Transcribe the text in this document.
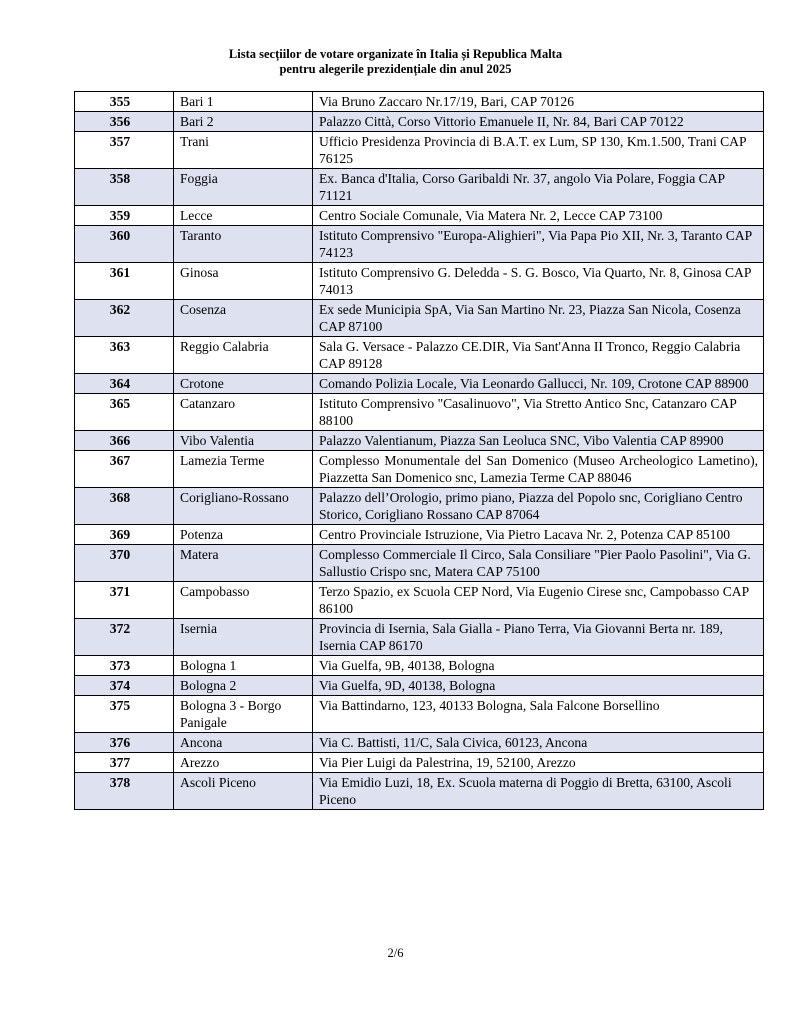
Lista secțiilor de votare organizate în Italia și Republica Malta
pentru alegerile prezidențiale din anul 2025
355	Bari 1	Via Bruno Zaccaro Nr.17/19, Bari, CAP 70126
356	Bari 2	Palazzo Città, Corso Vittorio Emanuele II, Nr. 84, Bari CAP 70122
357	Trani	Ufficio Presidenza Provincia di B.A.T. ex Lum, SP 130, Km.1.500, Trani CAP 76125
358	Foggia	Ex. Banca d'Italia, Corso Garibaldi Nr. 37, angolo Via Polare, Foggia CAP 71121
359	Lecce	Centro Sociale Comunale, Via Matera Nr. 2, Lecce CAP 73100
360	Taranto	Istituto Comprensivo "Europa-Alighieri", Via Papa Pio XII, Nr. 3, Taranto CAP 74123
361	Ginosa	Istituto Comprensivo G. Deledda - S. G. Bosco, Via Quarto, Nr. 8, Ginosa CAP 74013
362	Cosenza	Ex sede Municipia SpA, Via San Martino Nr. 23, Piazza San Nicola, Cosenza CAP 87100
363	Reggio Calabria	Sala G. Versace - Palazzo CE.DIR, Via Sant'Anna II Tronco, Reggio Calabria CAP 89128
364	Crotone	Comando Polizia Locale, Via Leonardo Gallucci, Nr. 109, Crotone CAP 88900
365	Catanzaro	Istituto Comprensivo "Casalinuovo", Via Stretto Antico Snc, Catanzaro CAP 88100
366	Vibo Valentia	Palazzo Valentianum, Piazza San Leoluca SNC, Vibo Valentia CAP 89900
367	Lamezia Terme	Complesso Monumentale del San Domenico (Museo Archeologico Lametino), Piazzetta San Domenico snc, Lamezia Terme CAP 88046
368	Corigliano-Rossano	Palazzo dell’Orologio, primo piano, Piazza del Popolo snc, Corigliano Centro Storico, Corigliano Rossano CAP 87064
369	Potenza	Centro Provinciale Istruzione, Via Pietro Lacava Nr. 2, Potenza CAP 85100
370	Matera	Complesso Commerciale Il Circo, Sala Consiliare "Pier Paolo Pasolini", Via G. Sallustio Crispo snc, Matera CAP 75100
371	Campobasso	Terzo Spazio, ex Scuola CEP Nord, Via Eugenio Cirese snc, Campobasso CAP 86100
372	Isernia	Provincia di Isernia, Sala Gialla - Piano Terra, Via Giovanni Berta nr. 189, Isernia CAP 86170
373	Bologna 1	Via Guelfa, 9B, 40138, Bologna
374	Bologna 2	Via Guelfa, 9D, 40138, Bologna
375	Bologna 3 - Borgo Panigale	Via Battindarno, 123, 40133 Bologna, Sala Falcone Borsellino
376	Ancona	Via C. Battisti, 11/C, Sala Civica, 60123, Ancona
377	Arezzo	Via Pier Luigi da Palestrina, 19, 52100, Arezzo
378	Ascoli Piceno	Via Emidio Luzi, 18, Ex. Scuola materna di Poggio di Bretta, 63100, Ascoli Piceno
2/6
